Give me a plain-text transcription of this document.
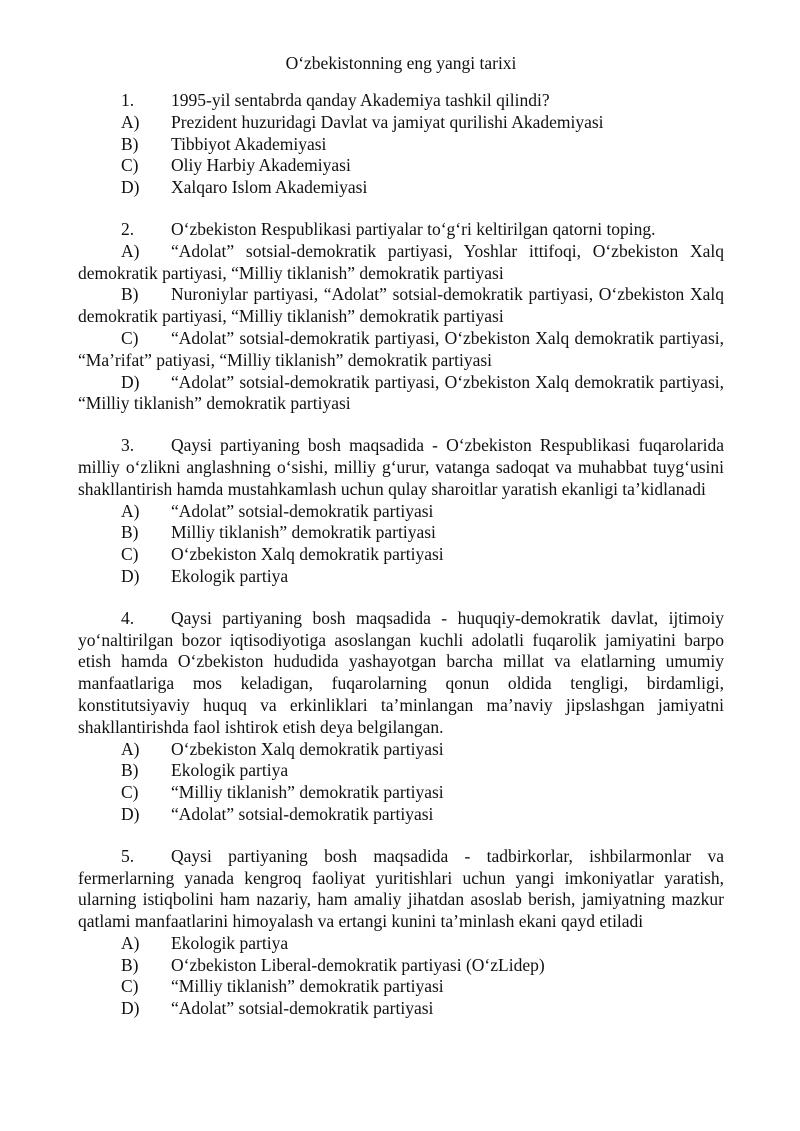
O‘zbekistonning eng yangi tarixi
1. 1995-yil sentabrda qanday Akademiya tashkil qilindi?
A) Prezident huzuridagi Davlat va jamiyat qurilishi Akademiyasi
B) Tibbiyot Akademiyasi
C) Oliy Harbiy Akademiyasi
D) Xalqaro Islom Akademiyasi
2. O‘zbekiston Respublikasi partiyalar to‘g‘ri keltirilgan qatorni toping.
A) “Adolat” sotsial-demokratik partiyasi, Yoshlar ittifoqi, O‘zbekiston Xalq demokratik partiyasi, “Milliy tiklanish” demokratik partiyasi
B) Nuroniylar partiyasi, “Adolat” sotsial-demokratik partiyasi, O‘zbekiston Xalq demokratik partiyasi, “Milliy tiklanish” demokratik partiyasi
C) “Adolat” sotsial-demokratik partiyasi, O‘zbekiston Xalq demokratik partiyasi, “Ma’rifat” patiyasi, “Milliy tiklanish” demokratik partiyasi
D) “Adolat” sotsial-demokratik partiyasi, O‘zbekiston Xalq demokratik partiyasi, “Milliy tiklanish” demokratik partiyasi
3. Qaysi partiyaning bosh maqsadida - O‘zbekiston Respublikasi fuqarolarida milliy o‘zlikni anglashning o‘sishi, milliy g‘urur, vatanga sadoqat va muhabbat tuyg‘usini shakllantirish hamda mustahkamlash uchun qulay sharoitlar yaratish ekanligi ta’kidlanadi
A) “Adolat” sotsial-demokratik partiyasi
B) Milliy tiklanish” demokratik partiyasi
C) O‘zbekiston Xalq demokratik partiyasi
D) Ekologik partiya
4. Qaysi partiyaning bosh maqsadida - huquqiy-demokratik davlat, ijtimoiy yo‘naltirilgan bozor iqtisodiyotiga asoslangan kuchli adolatli fuqarolik jamiyatini barpo etish hamda O‘zbekiston hududida yashayotgan barcha millat va elatlarning umumiy manfaatlariga mos keladigan, fuqarolarning qonun oldida tengligi, birdamligi, konstitutsiyaviy huquq va erkinliklari ta’minlangan ma’naviy jipslashgan jamiyatni shakllantirishda faol ishtirok etish deya belgilangan.
A) O‘zbekiston Xalq demokratik partiyasi
B) Ekologik partiya
C) “Milliy tiklanish” demokratik partiyasi
D) “Adolat” sotsial-demokratik partiyasi
5. Qaysi partiyaning bosh maqsadida - tadbirkorlar, ishbilarmonlar va fermerlarning yanada kengroq faoliyat yuritishlari uchun yangi imkoniyatlar yaratish, ularning istiqbolini ham nazariy, ham amaliy jihatdan asoslab berish, jamiyatning mazkur qatlami manfaatlarini himoyalash va ertangi kunini ta’minlash ekani qayd etiladi
A) Ekologik partiya
B) O‘zbekiston Liberal-demokratik partiyasi (O‘zLidep)
C) “Milliy tiklanish” demokratik partiyasi
D) “Adolat” sotsial-demokratik partiyasi
